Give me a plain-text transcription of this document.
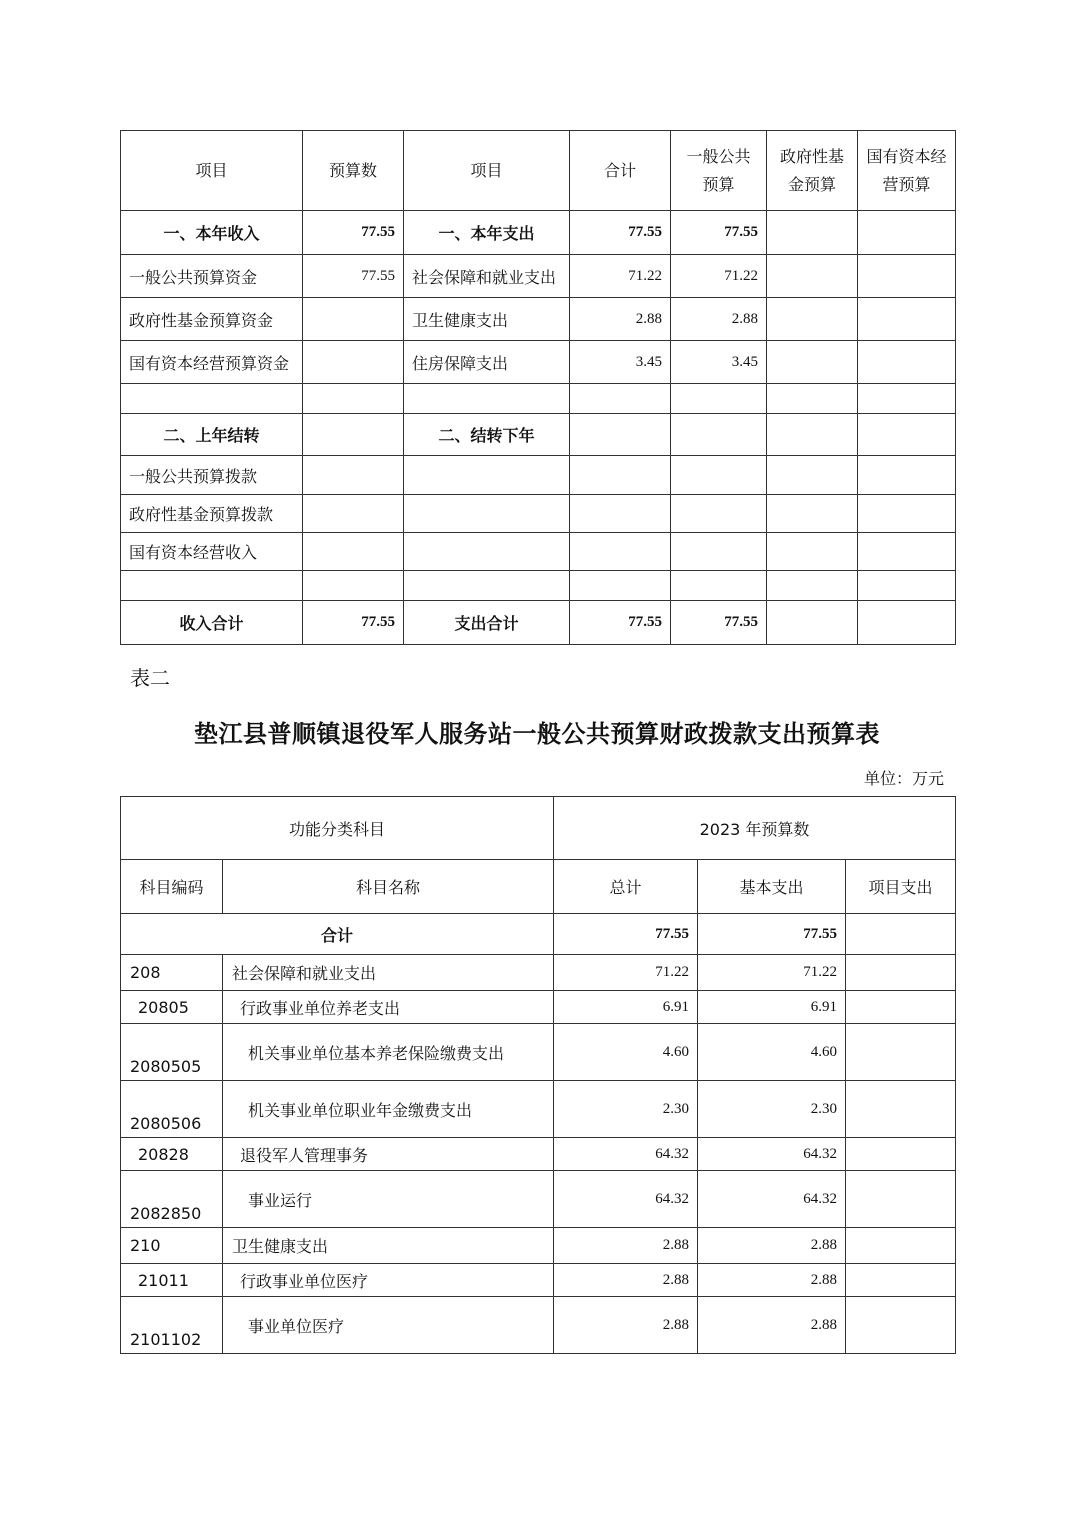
项目	预算数	项目	合计	一般公共预算	政府性基金预算	国有资本经营预算
一、本年收入	77.55	一、本年支出	77.55	77.55		
一般公共预算资金	77.55	社会保障和就业支出	71.22	71.22		
政府性基金预算资金		卫生健康支出	2.88	2.88		
国有资本经营预算资金		住房保障支出	3.45	3.45		

二、上年结转		二、结转下年				
一般公共预算拨款						
政府性基金预算拨款						
国有资本经营收入						

收入合计	77.55	支出合计	77.55	77.55		
表二
垫江县普顺镇退役军人服务站一般公共预算财政拨款支出预算表
单位：万元
功能分类科目		2023 年预算数		
科目编码	科目名称	总计	基本支出	项目支出
合计		77.55	77.55	
208	社会保障和就业支出	71.22	71.22	
20805	行政事业单位养老支出	6.91	6.91	
2080505	机关事业单位基本养老保险缴费支出	4.60	4.60	
2080506	机关事业单位职业年金缴费支出	2.30	2.30	
20828	退役军人管理事务	64.32	64.32	
2082850	事业运行	64.32	64.32	
210	卫生健康支出	2.88	2.88	
21011	行政事业单位医疗	2.88	2.88	
2101102	事业单位医疗	2.88	2.88	
